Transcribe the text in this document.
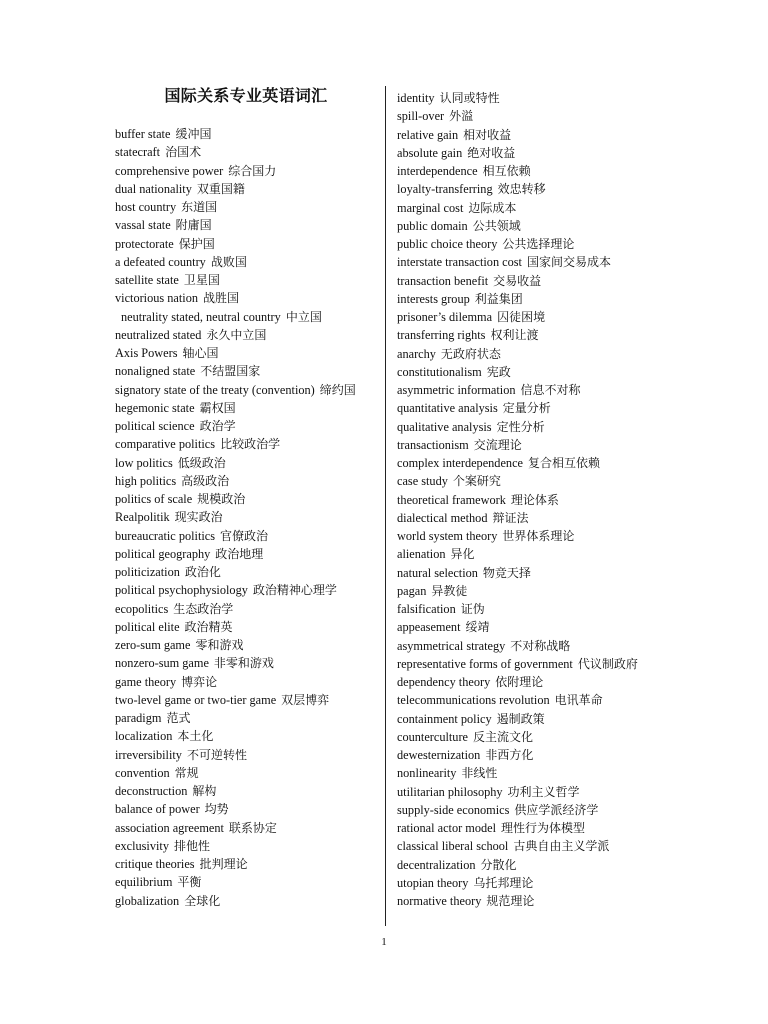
国际关系专业英语词汇
buffer state 缓冲国
statecraft 治国术
comprehensive power 综合国力
dual nationality 双重国籍
host country 东道国
vassal state 附庸国
protectorate 保护国
a defeated country 战败国
satellite state 卫星国
victorious nation 战胜国
neutrality stated, neutral country 中立国
neutralized stated 永久中立国
Axis Powers 轴心国
nonaligned state 不结盟国家
signatory state of the treaty (convention) 缔约国
hegemonic state 霸权国
political science 政治学
comparative politics 比较政治学
low politics 低级政治
high politics 高级政治
politics of scale 规模政治
Realpolitik 现实政治
bureaucratic politics 官僚政治
political geography 政治地理
politicization 政治化
political psychophysiology 政治精神心理学
ecopolitics 生态政治学
political elite 政治精英
zero-sum game 零和游戏
nonzero-sum game 非零和游戏
game theory 博弈论
two-level game or two-tier game 双层博弈
paradigm 范式
localization 本土化
irreversibility 不可逆转性
convention 常规
deconstruction 解构
balance of power 均势
association agreement 联系协定
exclusivity 排他性
critique theories 批判理论
equilibrium 平衡
globalization 全球化
identity 认同或特性
spill-over 外溢
relative gain 相对收益
absolute gain 绝对收益
interdependence 相互依赖
loyalty-transferring 效忠转移
marginal cost 边际成本
public domain 公共领域
public choice theory 公共选择理论
interstate transaction cost 国家间交易成本
transaction benefit 交易收益
interests group 利益集团
prisoner’s dilemma 囚徒困境
transferring rights 权利让渡
anarchy 无政府状态
constitutionalism 宪政
asymmetric information 信息不对称
quantitative analysis 定量分析
qualitative analysis 定性分析
transactionism 交流理论
complex interdependence 复合相互依赖
case study 个案研究
theoretical framework 理论体系
dialectical method 辩证法
world system theory 世界体系理论
alienation 异化
natural selection 物竞天择
pagan 异教徒
falsification 证伪
appeasement 绥靖
asymmetrical strategy 不对称战略
representative forms of government 代议制政府
dependency theory 依附理论
telecommunications revolution 电讯革命
containment policy 遏制政策
counterculture 反主流文化
dewesternization 非西方化
nonlinearity 非线性
utilitarian philosophy 功利主义哲学
supply-side economics 供应学派经济学
rational actor model 理性行为体模型
classical liberal school 古典自由主义学派
decentralization 分散化
utopian theory 乌托邦理论
normative theory 规范理论
1
